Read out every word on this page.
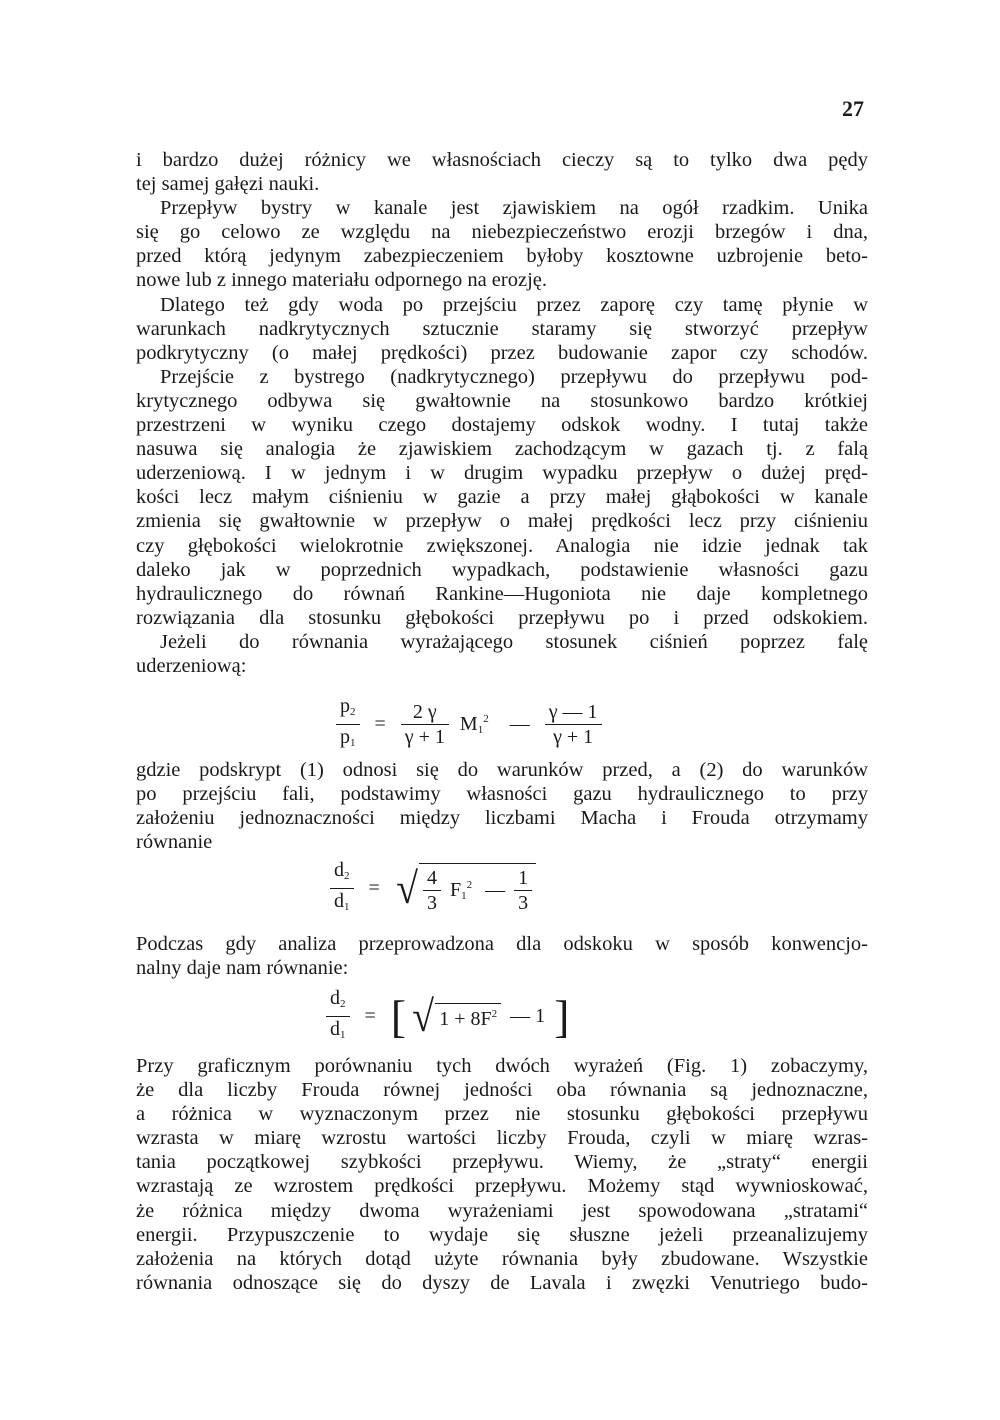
27
i bardzo dużej różnicy we własnościach cieczy są to tylko dwa pędy
tej samej gałęzi nauki.
Przepływ bystry w kanale jest zjawiskiem na ogół rzadkim. Unika
się go celowo ze względu na niebezpieczeństwo erozji brzegów i dna,
przed którą jedynym zabezpieczeniem byłoby kosztowne uzbrojenie beto-
nowe lub z innego materiału odpornego na erozję.
Dlatego też gdy woda po przejściu przez zaporę czy tamę płynie w
warunkach nadkrytycznych sztucznie staramy się stworzyć przepływ
podkrytyczny (o małej prędkości) przez budowanie zapor czy schodów.
Przejście z bystrego (nadkrytycznego) przepływu do przepływu pod-
krytycznego odbywa się gwałtownie na stosunkowo bardzo krótkiej
przestrzeni w wyniku czego dostajemy odskok wodny. I tutaj także
nasuwa się analogia że zjawiskiem zachodzącym w gazach tj. z falą
uderzeniową. I w jednym i w drugim wypadku przepływ o dużej pręd-
kości lecz małym ciśnieniu w gazie a przy małej głąbokości w kanale
zmienia się gwałtownie w przepływ o małej prędkości lecz przy ciśnieniu
czy głębokości wielokrotnie zwiększonej. Analogia nie idzie jednak tak
daleko jak w poprzednich wypadkach, podstawienie własności gazu
hydraulicznego do równań Rankine—Hugoniota nie daje kompletnego
rozwiązania dla stosunku głębokości przepływu po i przed odskokiem.
Jeżeli do równania wyrażającego stosunek ciśnień poprzez falę
uderzeniową:
$\frac{p_2}{p_1} = \frac{2 \gamma}{\gamma + 1} M_1^2$ — $\frac{\gamma — 1}{\gamma + 1}$
gdzie podskrypt (1) odnosi się do warunków przed, a (2) do warunków
po przejściu fali, podstawimy własności gazu hydraulicznego to przy
założeniu jednoznaczności między liczbami Macha i Frouda otrzymamy
równanie
$\frac{d_2}{d_1}$ = √ $\frac{4}{3} F_1^2$ — $\frac{1}{3}$
Podczas gdy analiza przeprowadzona dla odskoku w sposób konwencjo-
nalny daje nam równanie:
$\frac{d_2}{d_1}$ = [ √ $1 + 8F^2$ — 1 ]
Przy graficznym porównaniu tych dwóch wyrażeń (Fig. 1) zobaczymy,
że dla liczby Frouda równej jedności oba równania są jednoznaczne,
a różnica w wyznaczonym przez nie stosunku głębokości przepływu
wzrasta w miarę wzrostu wartości liczby Frouda, czyli w miarę wzras-
tania początkowej szybkości przepływu. Wiemy, że „straty“ energii
wzrastają ze wzrostem prędkości przepływu. Możemy stąd wywnioskować,
że różnica między dwoma wyrażeniami jest spowodowana „stratami“
energii. Przypuszczenie to wydaje się słuszne jeżeli przeanalizujemy
założenia na których dotąd użyte równania były zbudowane. Wszystkie
równania odnoszące się do dyszy de Lavala i zwęzki Venutriego budo-
